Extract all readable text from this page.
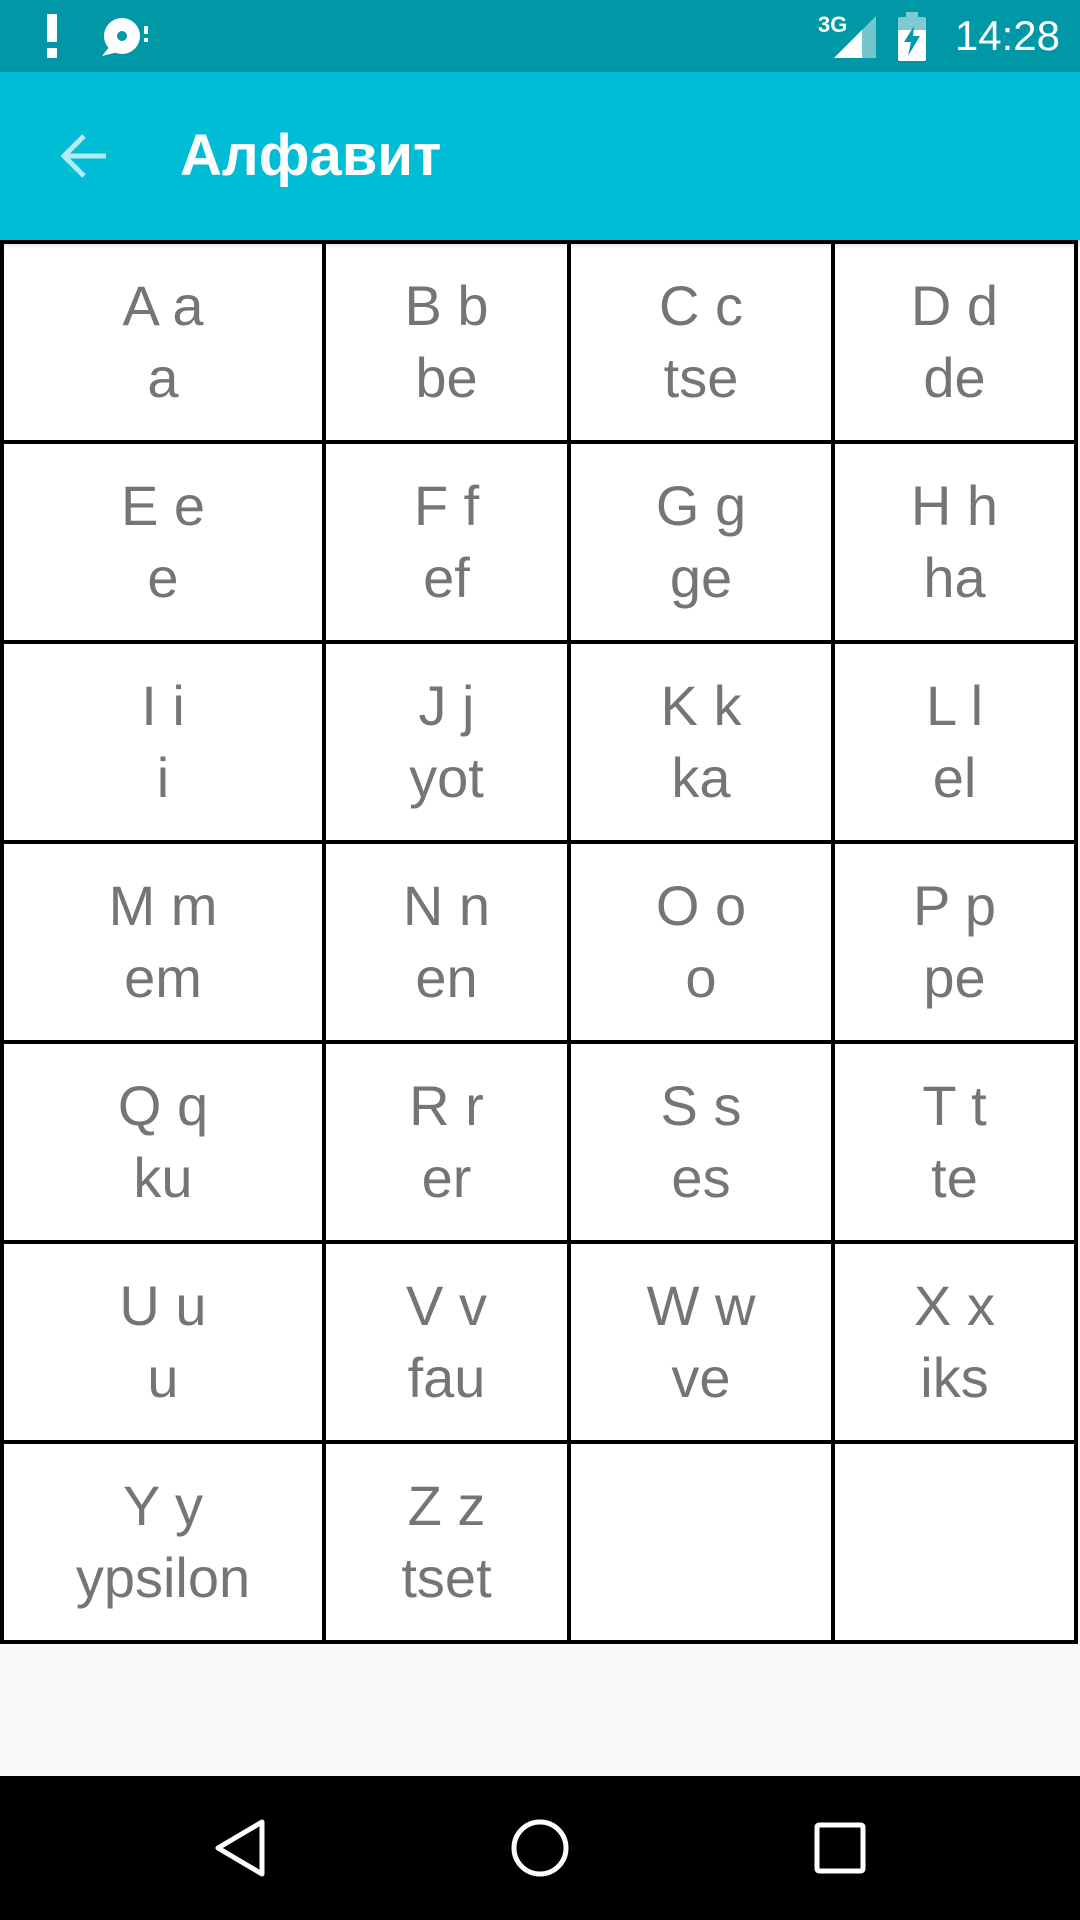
3G	14:28
Алфавит
A a
a
B b
be
C c
tse
D d
de
E e
e
F f
ef
G g
ge
H h
ha
I i
i
J j
yot
K k
ka
L l
el
M m
em
N n
en
O o
o
P p
pe
Q q
ku
R r
er
S s
es
T t
te
U u
u
V v
fau
W w
ve
X x
iks
Y y
ypsilon
Z z
tset
